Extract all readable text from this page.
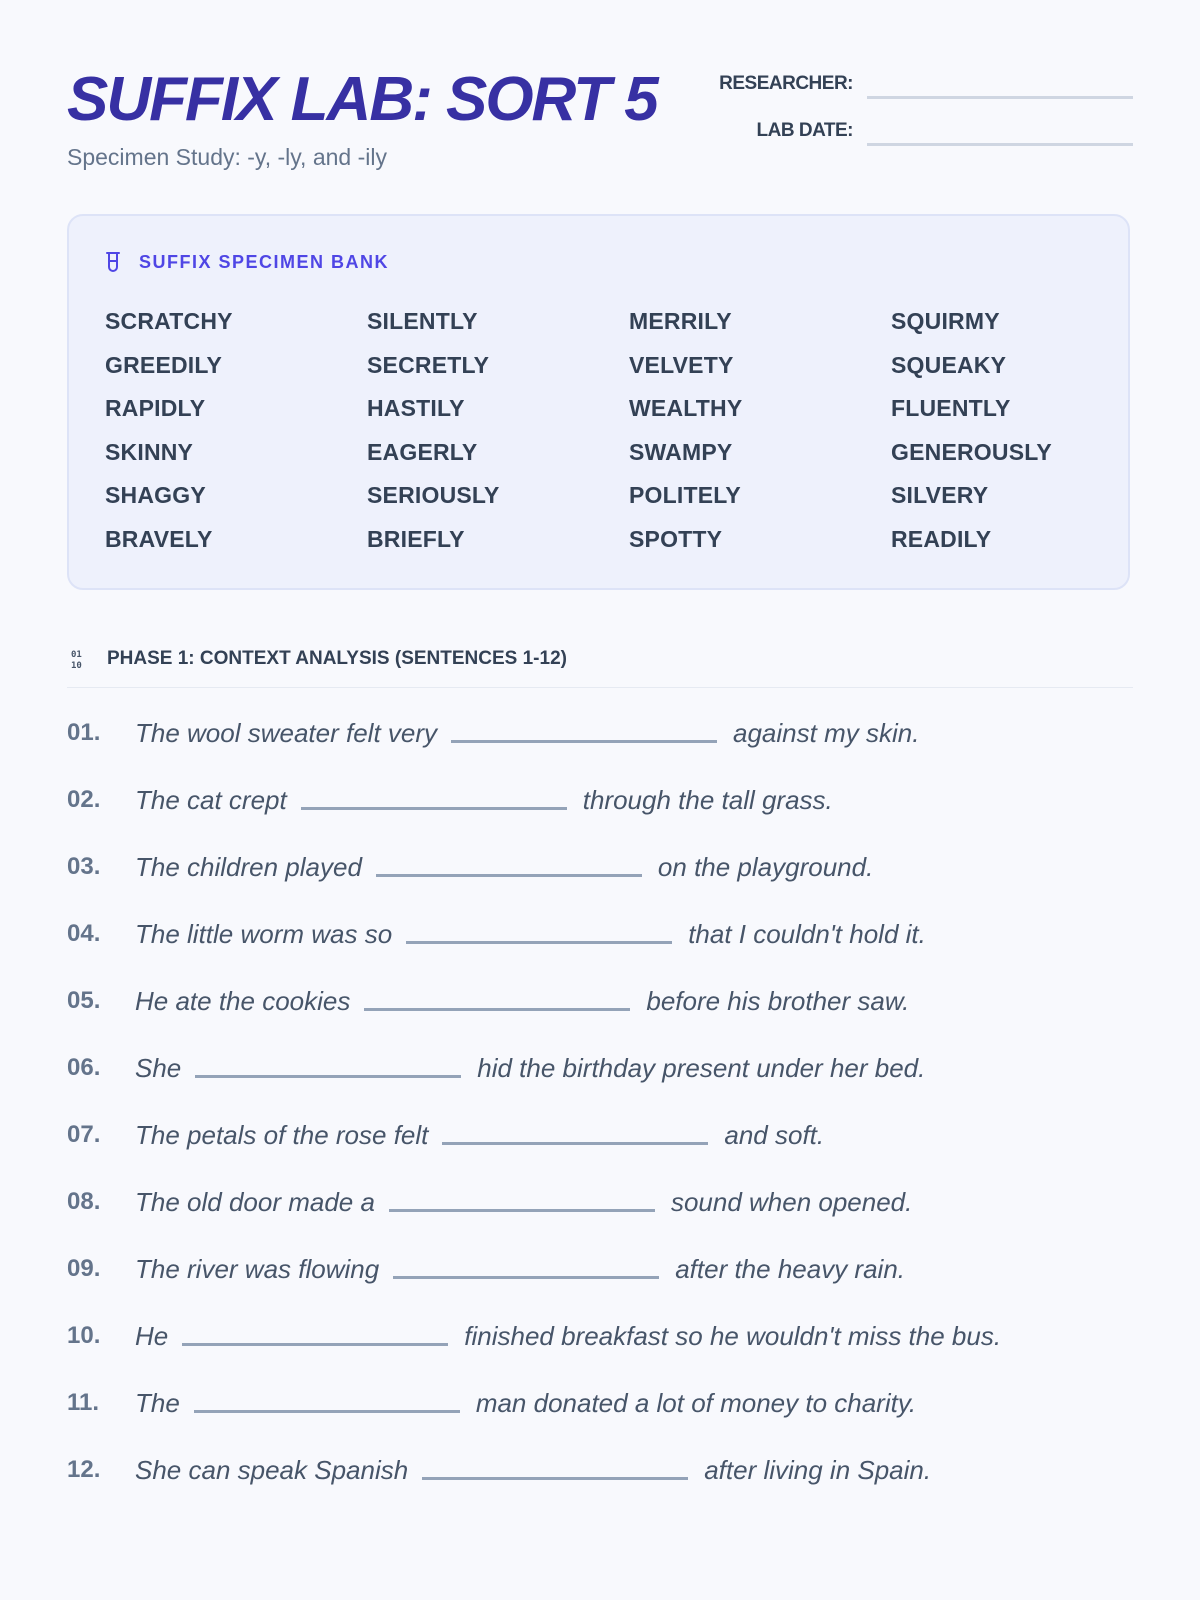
SUFFIX LAB: SORT 5
Specimen Study: -y, -ly, and -ily
RESEARCHER:
LAB DATE:
SUFFIX SPECIMEN BANK
SCRATCHY	SILENTLY	MERRILY	SQUIRMY
GREEDILY	SECRETLY	VELVETY	SQUEAKY
RAPIDLY	HASTILY	WEALTHY	FLUENTLY
SKINNY	EAGERLY	SWAMPY	GENEROUSLY
SHAGGY	SERIOUSLY	POLITELY	SILVERY
BRAVELY	BRIEFLY	SPOTTY	READILY
01
10 PHASE 1: CONTEXT ANALYSIS (SENTENCES 1-12)
01.	The wool sweater felt very	against my skin.
02.	The cat crept	through the tall grass.
03.	The children played	on the playground.
04.	The little worm was so	that I couldn't hold it.
05.	He ate the cookies	before his brother saw.
06.	She	hid the birthday present under her bed.
07.	The petals of the rose felt	and soft.
08.	The old door made a	sound when opened.
09.	The river was flowing	after the heavy rain.
10.	He	finished breakfast so he wouldn't miss the bus.
11.	The	man donated a lot of money to charity.
12.	She can speak Spanish	after living in Spain.
